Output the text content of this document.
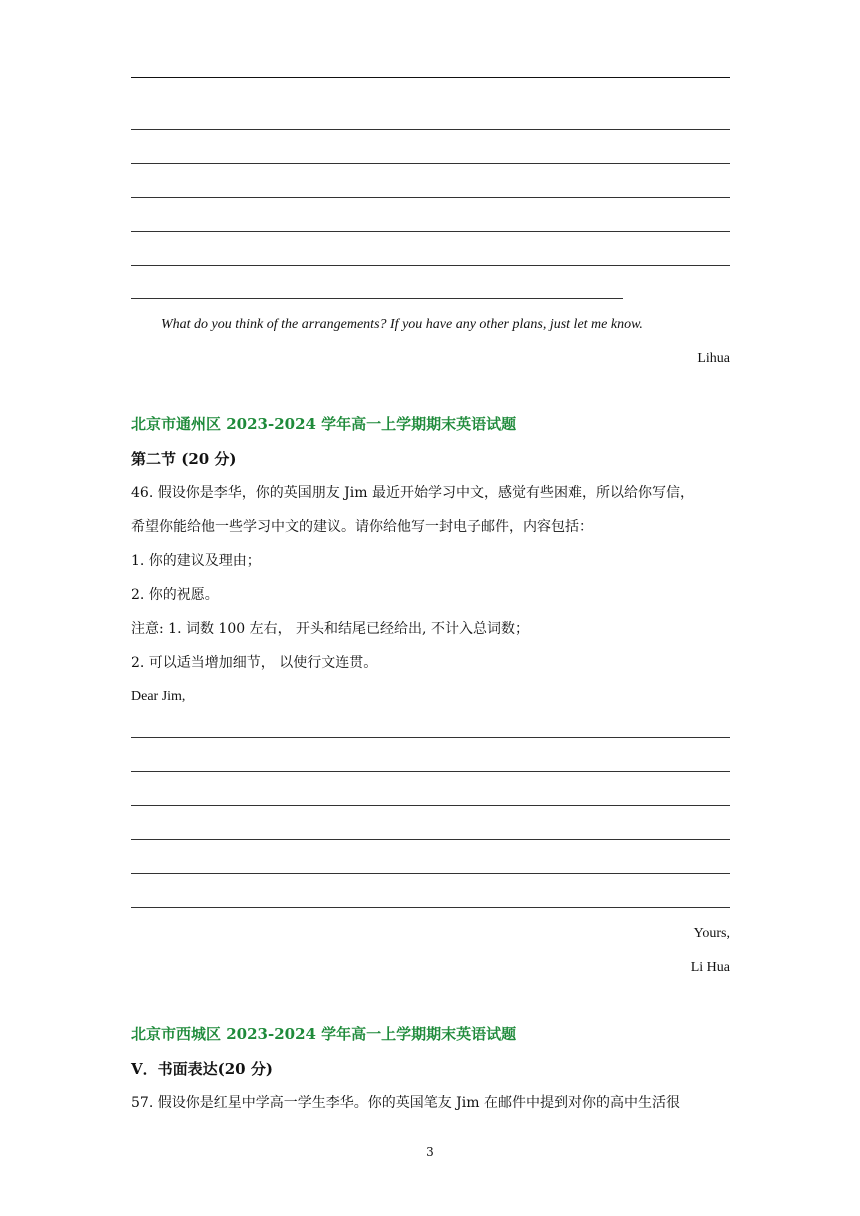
What do you think of the arrangements? If you have any other plans, just let me know.
Lihua
北京市通州区 2023-2024 学年高一上学期期末英语试题
第二节 (20 分)
46. 假设你是李华，你的英国朋友 Jim 最近开始学习中文，感觉有些困难，所以给你写信，
希望你能给他一些学习中文的建议。请你给他写一封电子邮件，内容包括：
1. 你的建议及理由；
2. 你的祝愿。
注意: 1. 词数 100 左右， 开头和结尾已经给出, 不计入总词数；
2. 可以适当增加细节， 以使行文连贯。
Dear Jim,
Yours,
Li Hua
北京市西城区 2023-2024 学年高一上学期期末英语试题
V．书面表达(20 分)
57. 假设你是红星中学高一学生李华。你的英国笔友 Jim 在邮件中提到对你的高中生活很
3
